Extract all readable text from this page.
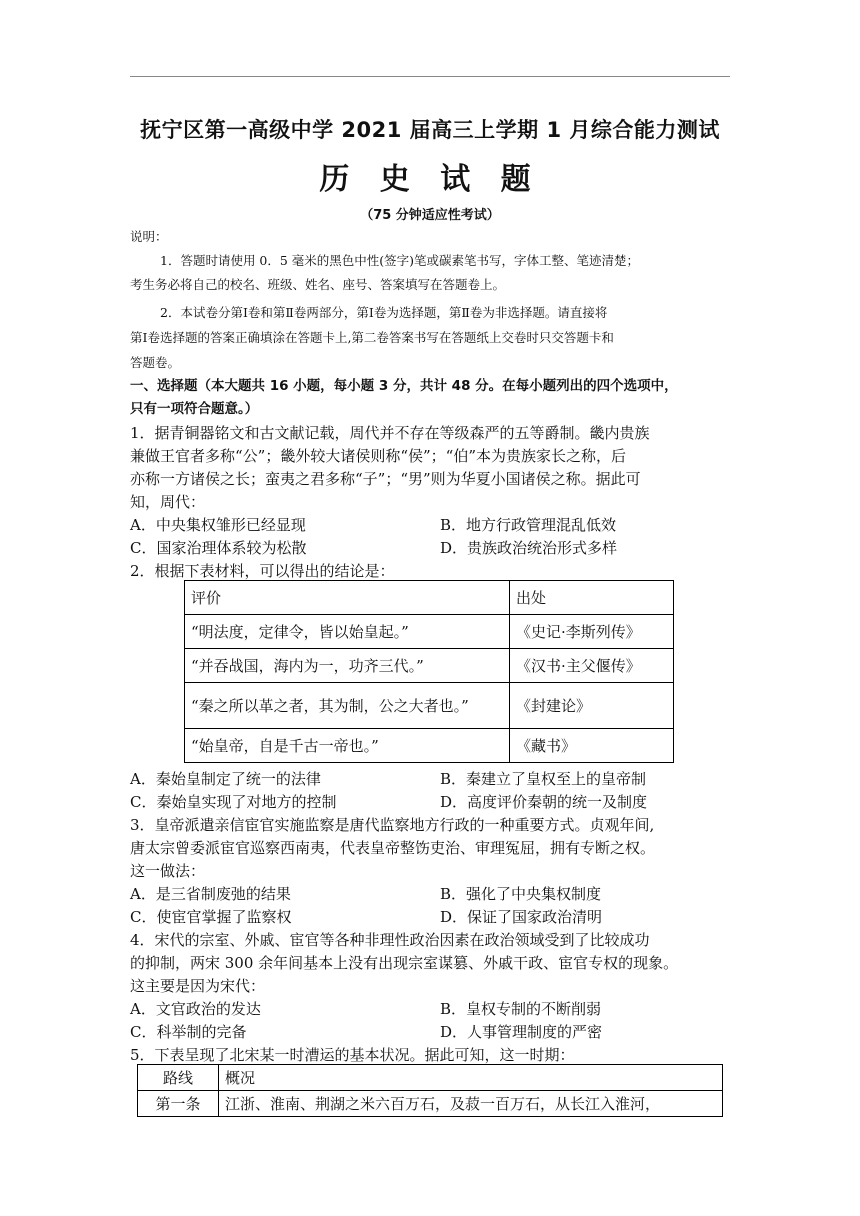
抚宁区第一高级中学 2021 届高三上学期 1 月综合能力测试
历 史 试 题
（75 分钟适应性考试）
说明：
1．答题时请使用 0．5 毫米的黑色中性(签字)笔或碳素笔书写，字体工整、笔迹清楚；
考生务必将自己的校名、班级、姓名、座号、答案填写在答题卷上。
2．本试卷分第Ⅰ卷和第Ⅱ卷两部分，第Ⅰ卷为选择题，第Ⅱ卷为非选择题。请直接将
第Ⅰ卷选择题的答案正确填涂在答题卡上,第二卷答案书写在答题纸上交卷时只交答题卡和
答题卷。
一、选择题（本大题共 16 小题，每小题 3 分，共计 48 分。在每小题列出的四个选项中，
只有一项符合题意。）
1．据青铜器铭文和古文献记载，周代并不存在等级森严的五等爵制。畿内贵族
兼做王官者多称“公”；畿外较大诸侯则称“侯”；“伯”本为贵族家长之称，后
亦称一方诸侯之长；蛮夷之君多称“子”；“男”则为华夏小国诸侯之称。据此可
知，周代：
A．中央集权雏形已经显现	B．地方行政管理混乱低效
C．国家治理体系较为松散	D．贵族政治统治形式多样
2．根据下表材料，可以得出的结论是：
评价	出处
“明法度，定律令，皆以始皇起。”	《史记·李斯列传》
“并吞战国，海内为一，功齐三代。”	《汉书·主父偃传》
“秦之所以革之者，其为制，公之大者也。”	《封建论》
“始皇帝，自是千古一帝也。”	《藏书》
A．秦始皇制定了统一的法律	B．秦建立了皇权至上的皇帝制
C．秦始皇实现了对地方的控制	D．高度评价秦朝的统一及制度
3．皇帝派遣亲信宦官实施监察是唐代监察地方行政的一种重要方式。贞观年间,
唐太宗曾委派宦官巡察西南夷，代表皇帝整饬吏治、审理冤屈，拥有专断之权。
这一做法：
A．是三省制废弛的结果	B．强化了中央集权制度
C．使宦官掌握了监察权	D．保证了国家政治清明
4．宋代的宗室、外戚、宦官等各种非理性政治因素在政治领域受到了比较成功
的抑制，两宋 300 余年间基本上没有出现宗室谋篡、外戚干政、宦官专权的现象。
这主要是因为宋代：
A．文官政治的发达	B．皇权专制的不断削弱
C．科举制的完备	D．人事管理制度的严密
5．下表呈现了北宋某一时漕运的基本状况。据此可知，这一时期：
路线	概况
第一条	江浙、淮南、荆湖之米六百万石，及菽一百万石，从长江入淮河，
